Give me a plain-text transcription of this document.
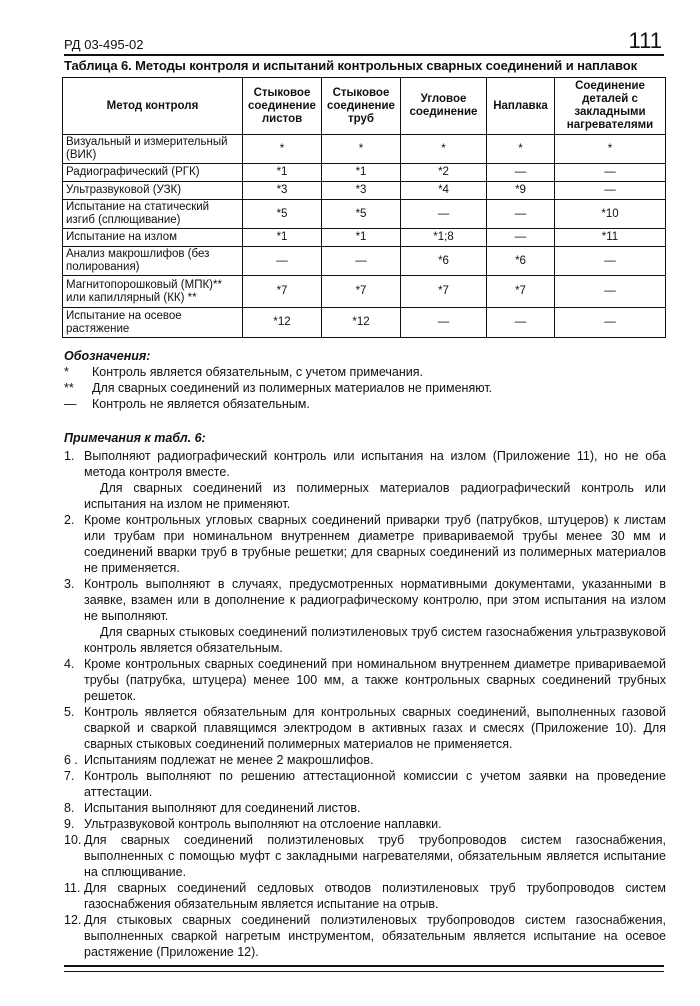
РД 03-495-02	111
Таблица 6. Методы контроля и испытаний контрольных сварных соединений и наплавок
Метод контроля	Стыковое соединение листов	Стыковое соединение труб	Угловое соединение	Наплавка	Соединение деталей с закладными нагревателями
Визуальный и измерительный (ВИК)	*	*	*	*	*
Радиографический (РГК)	*1	*1	*2	—	—
Ультразвуковой (УЗК)	*3	*3	*4	*9	—
Испытание на статический изгиб (сплющивание)	*5	*5	—	—	*10
Испытание на излом	*1	*1	*1;8	—	*11
Анализ макрошлифов (без полирования)	—	—	*6	*6	—
Магнитопорошковый (МПК)** или капиллярный (КК) **	*7	*7	*7	*7	—
Испытание на осевое растяжение	*12	*12	—	—	—
Обозначения:
* Контроль является обязательным, с учетом примечания.
** Для сварных соединений из полимерных материалов не применяют.
— Контроль не является обязательным.
Примечания к табл. 6:
1. Выполняют радиографический контроль или испытания на излом (Приложение 11), но не оба метода контроля вместе.
Для сварных соединений из полимерных материалов радиографический контроль или испытания на излом не применяют.
2. Кроме контрольных угловых сварных соединений приварки труб (патрубков, штуцеров) к листам или трубам при номинальном внутреннем диаметре привариваемой трубы менее 30 мм и соединений вварки труб в трубные решетки; для сварных соединений из полимерных материалов не применяется.
3. Контроль выполняют в случаях, предусмотренных нормативными документами, указанными в заявке, взамен или в дополнение к радиографическому контролю, при этом испытания на излом не выполняют.
Для сварных стыковых соединений полиэтиленовых труб систем газоснабжения ультразвуковой контроль является обязательным.
4. Кроме контрольных сварных соединений при номинальном внутреннем диаметре привариваемой трубы (патрубка, штуцера) менее 100 мм, а также контрольных сварных соединений трубных решеток.
5. Контроль является обязательным для контрольных сварных соединений, выполненных газовой сваркой и сваркой плавящимся электродом в активных газах и смесях (Приложение 10). Для сварных стыковых соединений полимерных материалов не применяется.
6 . Испытаниям подлежат не менее 2 макрошлифов.
7. Контроль выполняют по решению аттестационной комиссии с учетом заявки на проведение аттестации.
8. Испытания выполняют для соединений листов.
9. Ультразвуковой контроль выполняют на отслоение наплавки.
10. Для сварных соединений полиэтиленовых труб трубопроводов систем газоснабжения, выполненных с помощью муфт с закладными нагревателями, обязательным является испытание на сплющивание.
11. Для сварных соединений седловых отводов полиэтиленовых труб трубопроводов систем газоснабжения обязательным является испытание на отрыв.
12. Для стыковых сварных соединений полиэтиленовых трубопроводов систем газоснабжения, выполненных сваркой нагретым инструментом, обязательным является испытание на осевое растяжение (Приложение 12).
